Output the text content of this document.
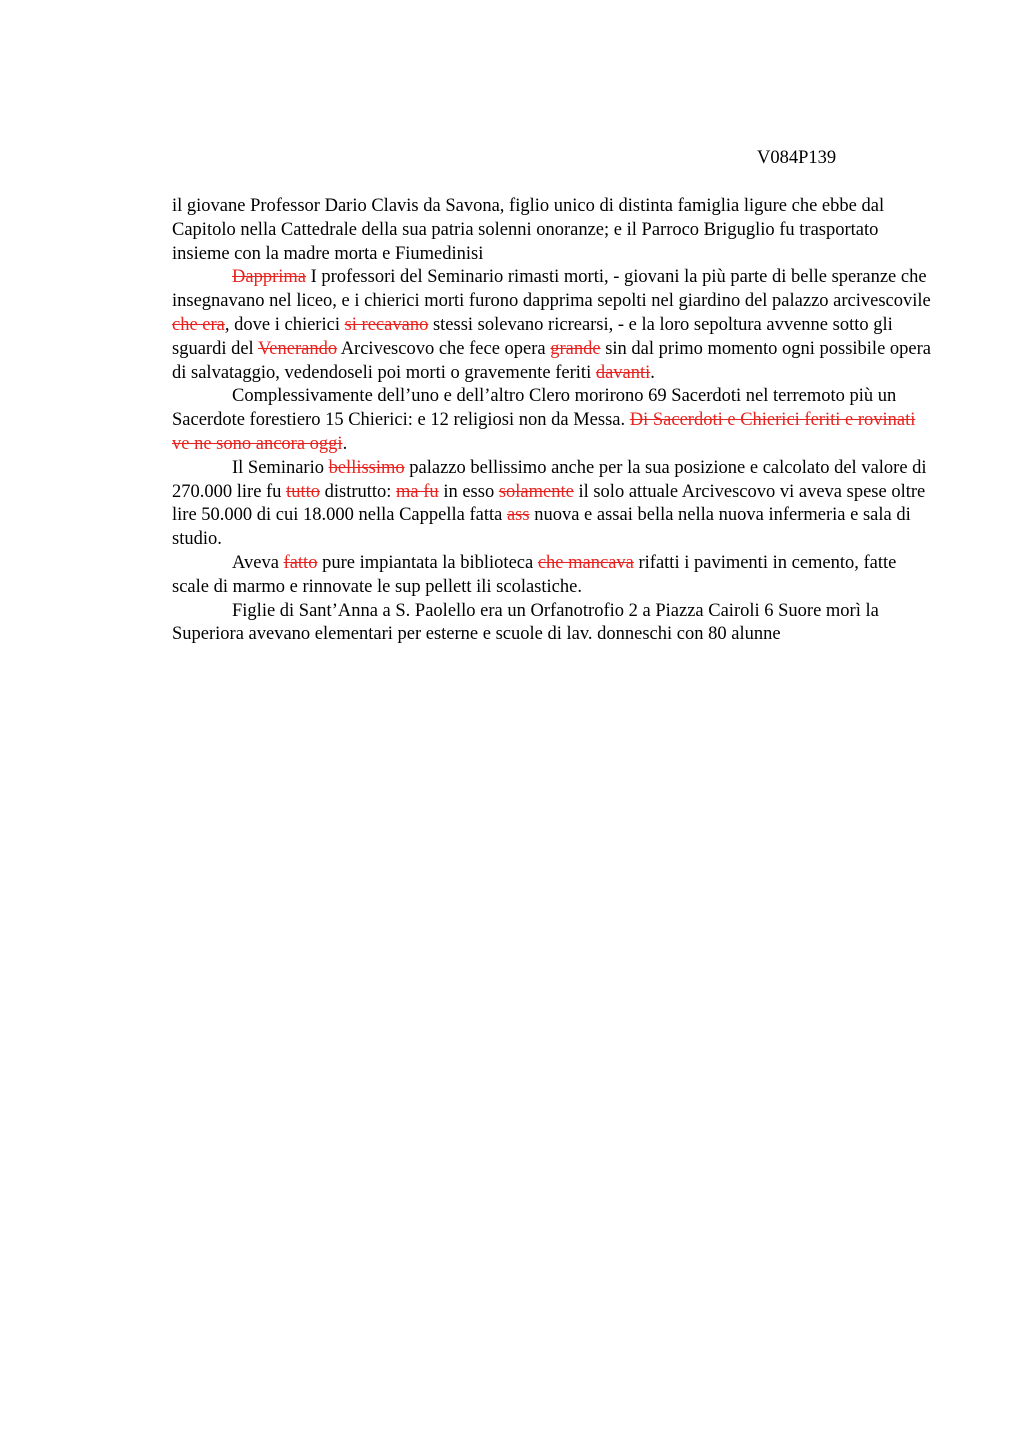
V084P139

il giovane Professor Dario Clavis da Savona, figlio unico di distinta famiglia ligure che ebbe dal Capitolo nella Cattedrale della sua patria solenni onoranze; e il Parroco Briguglio fu trasportato insieme con la madre morta e Fiumedinisi

Dapprima I professori del Seminario rimasti morti, - giovani la più parte di belle speranze che insegnavano nel liceo, e i chierici morti furono dapprima sepolti nel giardino del palazzo arcivescovile che era, dove i chierici si recavano stessi solevano ricrearsi, - e la loro sepoltura avvenne sotto gli sguardi del Venerando Arcivescovo che fece opera grande sin dal primo momento ogni possibile opera di salvataggio, vedendoseli poi morti o gravemente feriti davanti.

Complessivamente dell’uno e dell’altro Clero morirono 69 Sacerdoti nel terremoto più un Sacerdote forestiero 15 Chierici: e 12 religiosi non da Messa. Di Sacerdoti e Chierici feriti e rovinati ve ne sono ancora oggi.

Il Seminario bellissimo palazzo bellissimo anche per la sua posizione e calcolato del valore di 270.000 lire fu tutto distrutto: ma fu in esso solamente il solo attuale Arcivescovo vi aveva spese oltre lire 50.000 di cui 18.000 nella Cappella fatta ass nuova e assai bella nella nuova infermeria e sala di studio.

Aveva fatto pure impiantata la biblioteca che mancava rifatti i pavimenti in cemento, fatte scale di marmo e rinnovate le sup pellett ili scolastiche.

Figlie di Sant’Anna a S. Paolello era un Orfanotrofio 2 a Piazza Cairoli 6 Suore morì la Superiora avevano elementari per esterne e scuole di lav. donneschi con 80 alunne
